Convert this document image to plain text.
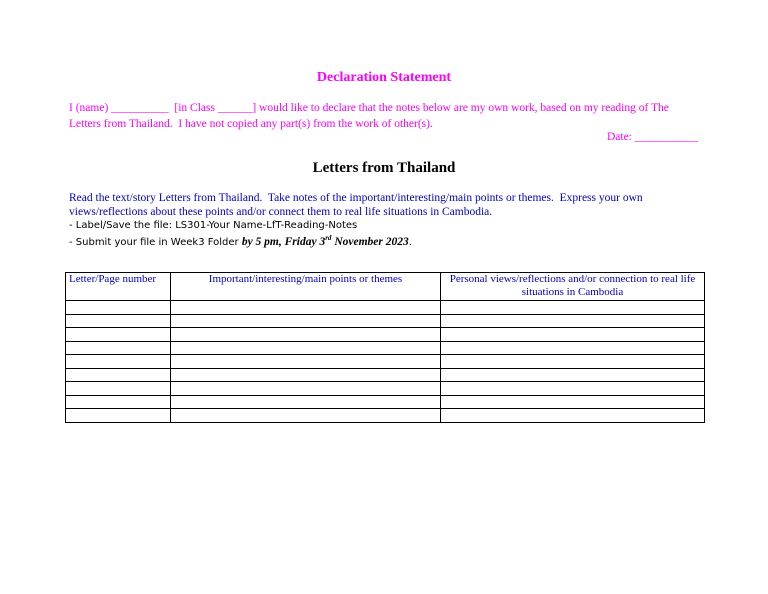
Declaration Statement
I (name) __________  [in Class ______] would like to declare that the notes below are my own work, based on my reading of The
Letters from Thailand.  I have not copied any part(s) from the work of other(s).
Date: ___________
Letters from Thailand
Read the text/story Letters from Thailand.  Take notes of the important/interesting/main points or themes.  Express your own
views/reflections about these points and/or connect them to real life situations in Cambodia.
- Label/Save the file: LS301-Your Name-LfT-Reading-Notes
- Submit your file in Week3 Folder by 5 pm, Friday 3rd November 2023.
Letter/Page number	Important/interesting/main points or themes	Personal views/reflections and/or connection to real life situations in Cambodia
